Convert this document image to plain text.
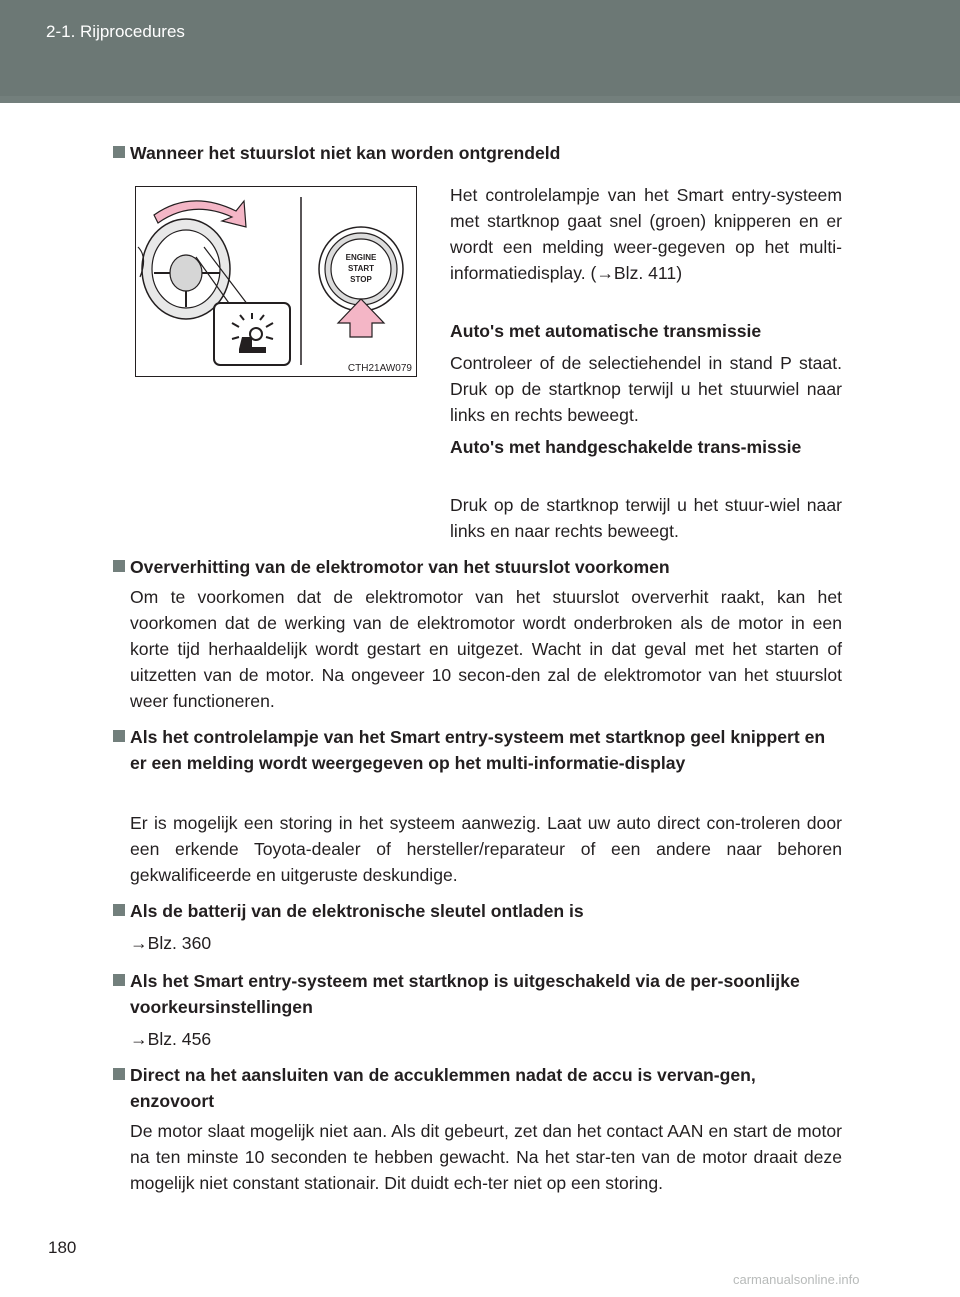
2-1. Rijprocedures
Wanneer het stuurslot niet kan worden ontgrendeld
ENGINE
START
STOP
CTH21AW079
Het controlelampje van het Smart entry-systeem met startknop gaat snel (groen) knipperen en er wordt een melding weer-gegeven op het multi-informatiedisplay. (→Blz. 411)
Auto's met automatische transmissie
Controleer of de selectiehendel in stand P staat. Druk op de startknop terwijl u het stuurwiel naar links en rechts beweegt.
Auto's met handgeschakelde trans-missie
Druk op de startknop terwijl u het stuur-wiel naar links en naar rechts beweegt.
Oververhitting van de elektromotor van het stuurslot voorkomen
Om te voorkomen dat de elektromotor van het stuurslot oververhit raakt, kan het voorkomen dat de werking van de elektromotor wordt onderbroken als de motor in een korte tijd herhaaldelijk wordt gestart en uitgezet. Wacht in dat geval met het starten of uitzetten van de motor. Na ongeveer 10 secon-den zal de elektromotor van het stuurslot weer functioneren.
Als het controlelampje van het Smart entry-systeem met startknop geel knippert en er een melding wordt weergegeven op het multi-informatie-display
Er is mogelijk een storing in het systeem aanwezig. Laat uw auto direct con-troleren door een erkende Toyota-dealer of hersteller/reparateur of een andere naar behoren gekwalificeerde en uitgeruste deskundige.
Als de batterij van de elektronische sleutel ontladen is
→Blz. 360
Als het Smart entry-systeem met startknop is uitgeschakeld via de per-soonlijke voorkeursinstellingen
→Blz. 456
Direct na het aansluiten van de accuklemmen nadat de accu is vervan-gen, enzovoort
De motor slaat mogelijk niet aan. Als dit gebeurt, zet dan het contact AAN en start de motor na ten minste 10 seconden te hebben gewacht. Na het star-ten van de motor draait deze mogelijk niet constant stationair. Dit duidt ech-ter niet op een storing.
180
carmanualsonline.info
